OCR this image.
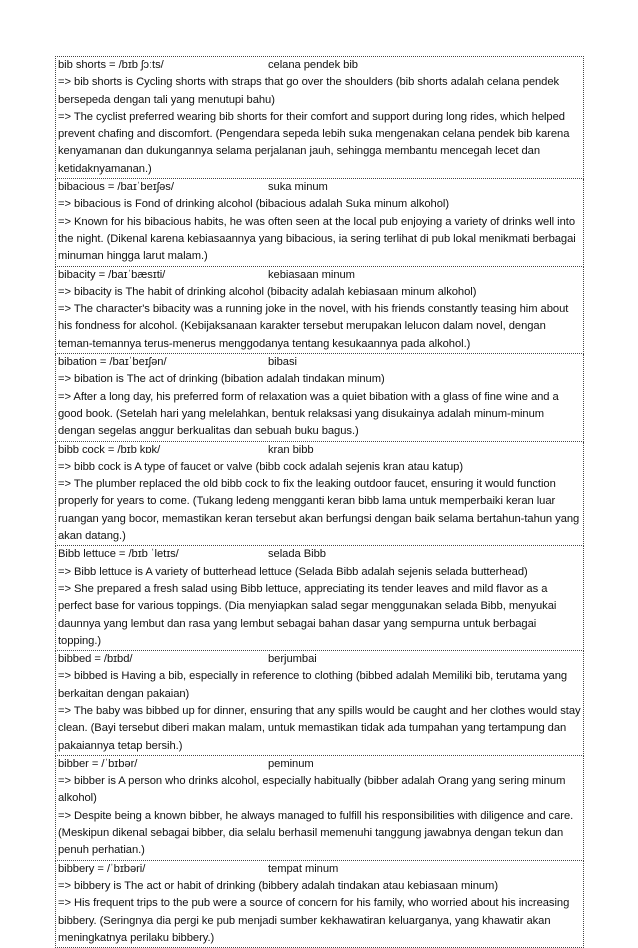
bib shorts = /bɪb ʃɔːts/	celana pendek bib
=> bib shorts is Cycling shorts with straps that go over the shoulders (bib shorts adalah celana pendek bersepeda dengan tali yang menutupi bahu)
=> The cyclist preferred wearing bib shorts for their comfort and support during long rides, which helped prevent chafing and discomfort. (Pengendara sepeda lebih suka mengenakan celana pendek bib karena kenyamanan dan dukungannya selama perjalanan jauh, sehingga membantu mencegah lecet dan ketidaknyamanan.)
bibacious = /baɪˈbeɪʃəs/	suka minum
=> bibacious is Fond of drinking alcohol (bibacious adalah Suka minum alkohol)
=> Known for his bibacious habits, he was often seen at the local pub enjoying a variety of drinks well into the night. (Dikenal karena kebiasaannya yang bibacious, ia sering terlihat di pub lokal menikmati berbagai minuman hingga larut malam.)
bibacity = /baɪˈbæsɪti/	kebiasaan minum
=> bibacity is The habit of drinking alcohol (bibacity adalah kebiasaan minum alkohol)
=> The character's bibacity was a running joke in the novel, with his friends constantly teasing him about his fondness for alcohol. (Kebijaksanaan karakter tersebut merupakan lelucon dalam novel, dengan teman-temannya terus-menerus menggodanya tentang kesukaannya pada alkohol.)
bibation = /baɪˈbeɪʃən/	bibasi
=> bibation is The act of drinking (bibation adalah tindakan minum)
=> After a long day, his preferred form of relaxation was a quiet bibation with a glass of fine wine and a good book. (Setelah hari yang melelahkan, bentuk relaksasi yang disukainya adalah minum-minum dengan segelas anggur berkualitas dan sebuah buku bagus.)
bibb cock = /bɪb kɒk/	kran bibb
=> bibb cock is A type of faucet or valve (bibb cock adalah sejenis kran atau katup)
=> The plumber replaced the old bibb cock to fix the leaking outdoor faucet, ensuring it would function properly for years to come. (Tukang ledeng mengganti keran bibb lama untuk memperbaiki keran luar ruangan yang bocor, memastikan keran tersebut akan berfungsi dengan baik selama bertahun-tahun yang akan datang.)
Bibb lettuce = /bɪb ˈletɪs/	selada Bibb
=> Bibb lettuce is A variety of butterhead lettuce (Selada Bibb adalah sejenis selada butterhead)
=> She prepared a fresh salad using Bibb lettuce, appreciating its tender leaves and mild flavor as a perfect base for various toppings. (Dia menyiapkan salad segar menggunakan selada Bibb, menyukai daunnya yang lembut dan rasa yang lembut sebagai bahan dasar yang sempurna untuk berbagai topping.)
bibbed = /bɪbd/	berjumbai
=> bibbed is Having a bib, especially in reference to clothing (bibbed adalah Memiliki bib, terutama yang berkaitan dengan pakaian)
=> The baby was bibbed up for dinner, ensuring that any spills would be caught and her clothes would stay clean. (Bayi tersebut diberi makan malam, untuk memastikan tidak ada tumpahan yang tertampung dan pakaiannya tetap bersih.)
bibber = /ˈbɪbər/	peminum
=> bibber is A person who drinks alcohol, especially habitually (bibber adalah Orang yang sering minum alkohol)
=> Despite being a known bibber, he always managed to fulfill his responsibilities with diligence and care. (Meskipun dikenal sebagai bibber, dia selalu berhasil memenuhi tanggung jawabnya dengan tekun dan penuh perhatian.)
bibbery = /ˈbɪbəri/	tempat minum
=> bibbery is The act or habit of drinking (bibbery adalah tindakan atau kebiasaan minum)
=> His frequent trips to the pub were a source of concern for his family, who worried about his increasing bibbery. (Seringnya dia pergi ke pub menjadi sumber kekhawatiran keluarganya, yang khawatir akan meningkatnya perilaku bibbery.)
